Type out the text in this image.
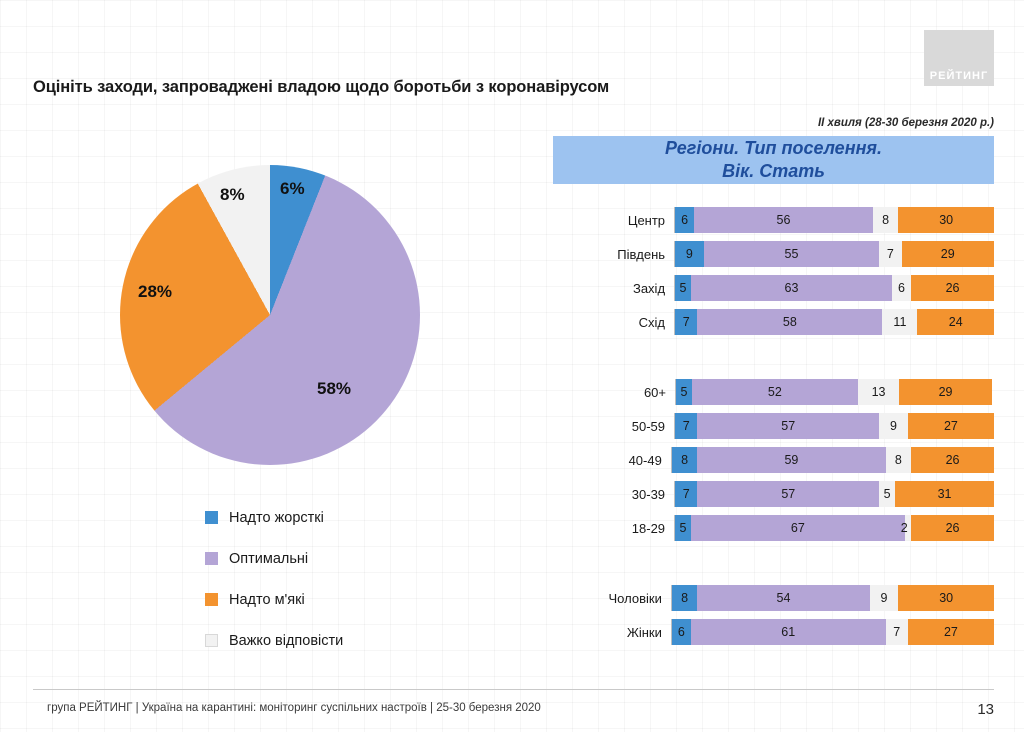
РЕЙТИНГ
Оцініть заходи, запроваджені владою щодо боротьби з коронавірусом
II хвиля (28-30 березня 2020 р.)
Регіони. Тип поселення.
Вік. Стать
6%
58%
28%
8%
Надто жорсткі
Оптимальні
Надто м'які
Важко відповісти
Центр	6	56	8	30
Південь	9	55	7	29
Захід	5	63	6	26
Схід	7	58	11	24
60+	5	52	13	29
50-59	7	57	9	27
40-49	8	59	8	26
30-39	7	57	5	31
18-29	5	67	2	26
Чоловіки	8	54	9	30
Жінки	6	61	7	27
група РЕЙТИНГ | Україна на карантині: моніторинг суспільних настроїв | 25-30 березня 2020	13
